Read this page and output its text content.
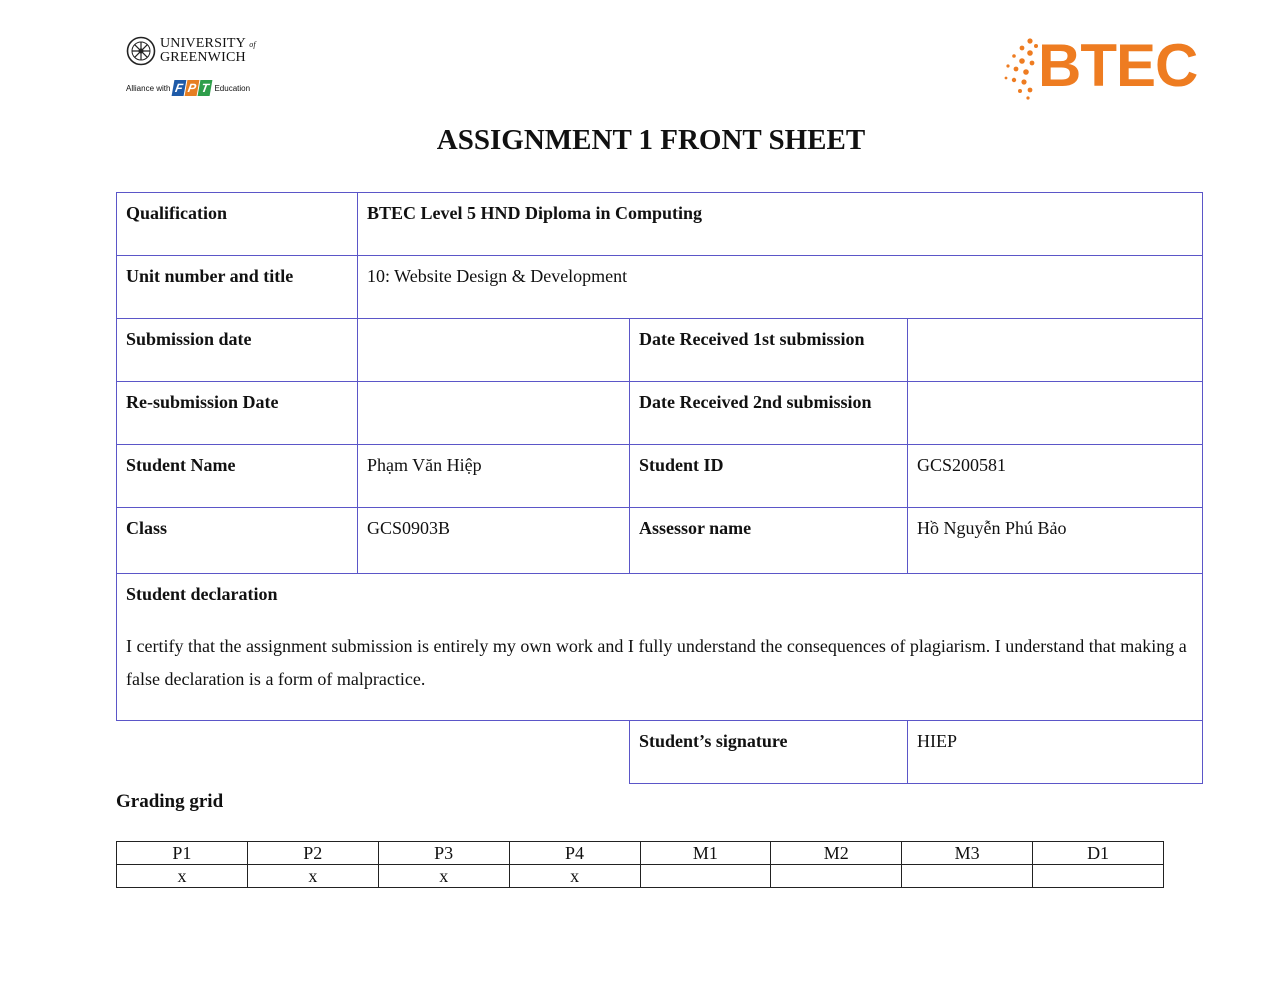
UNIVERSITY of
GREENWICH
Alliance with F P T Education	BTEC
ASSIGNMENT 1 FRONT SHEET
Qualification	BTEC Level 5 HND Diploma in Computing		
Unit number and title	10: Website Design & Development		
Submission date		Date Received 1st submission	
Re-submission Date		Date Received 2nd submission	
Student Name	Phạm Văn Hiệp	Student ID	GCS200581
Class	GCS0903B	Assessor name	Hồ Nguyễn Phú Bảo

Student declaration
I certify that the assignment submission is entirely my own work and I fully understand the consequences of plagiarism. I understand that making a false declaration is a form of malpractice.			

		Student’s signature	HIEP
Grading grid
P1	P2	P3	P4	M1	M2	M3	D1
x	x	x	x				
